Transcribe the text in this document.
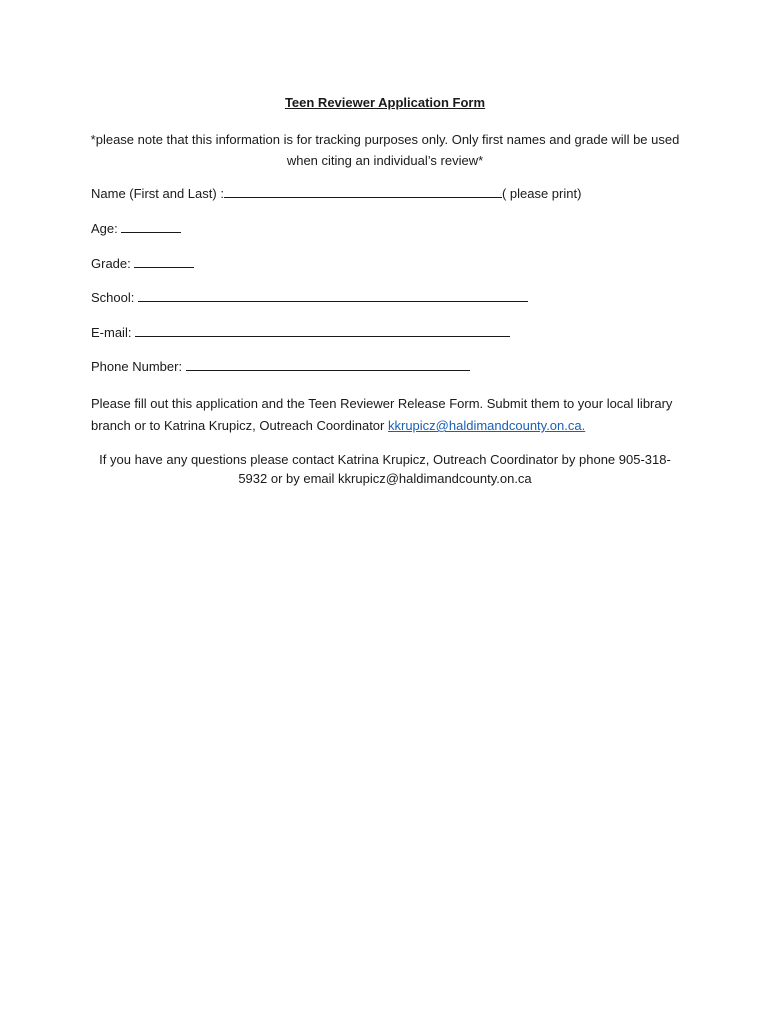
Teen Reviewer Application Form
*please note that this information is for tracking purposes only. Only first names and grade will be used when citing an individual’s review*
Name (First and Last) :	( please print)
Age:
Grade:
School:
E-mail:
Phone Number:
Please fill out this application and the Teen Reviewer Release Form. Submit them to your local library branch or to Katrina Krupicz, Outreach Coordinator kkrupicz@haldimandcounty.on.ca.
If you have any questions please contact Katrina Krupicz, Outreach Coordinator by phone 905-318-5932 or by email kkrupicz@haldimandcounty.on.ca
